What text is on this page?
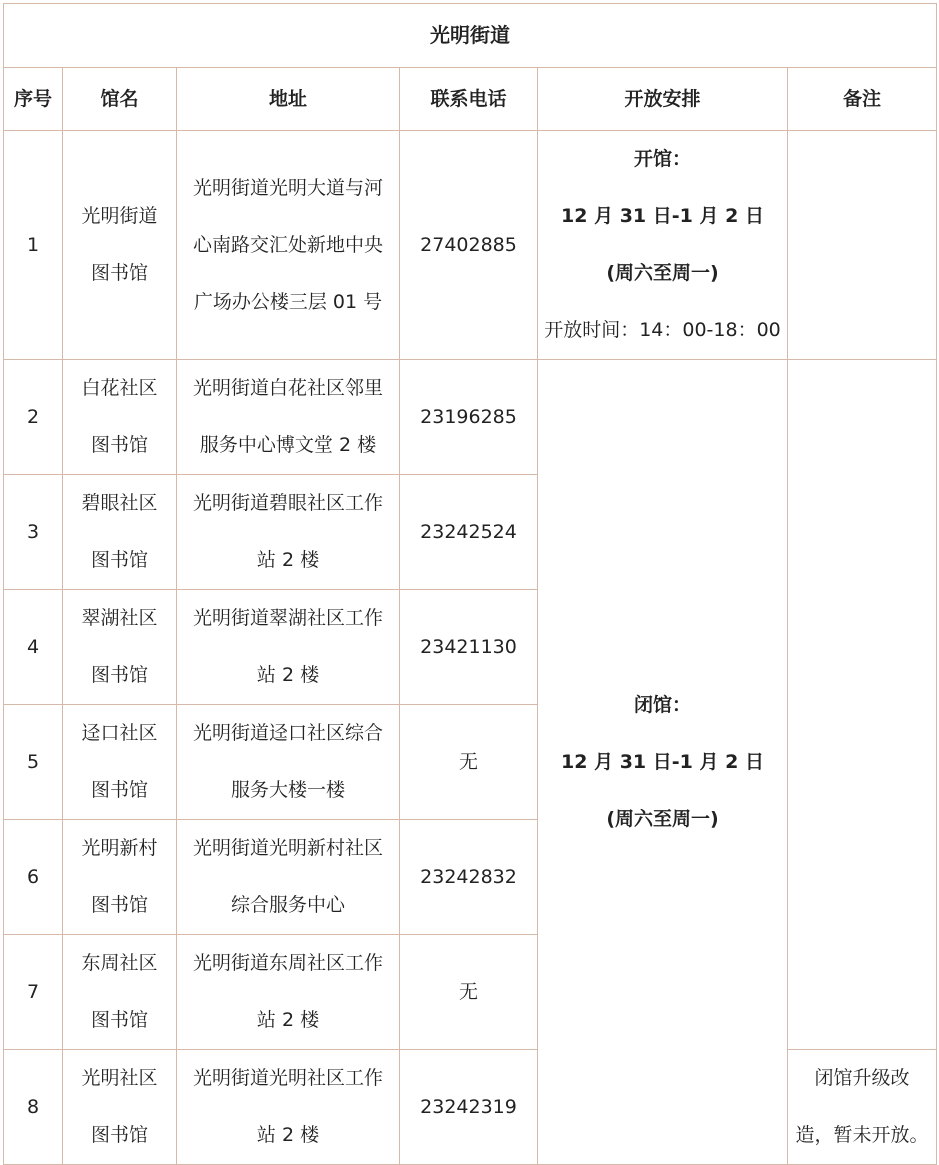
光明街道					
序号	馆名	地址	联系电话	开放安排	备注
1	光明街道
图书馆	光明街道光明大道与河
心南路交汇处新地中央
广场办公楼三层 01 号	27402885	开馆：
12 月 31 日-1 月 2 日
(周六至周一)
开放时间：14：00-18：00	

2	白花社区
图书馆	光明街道白花社区邻里
服务中心博文堂 2 楼	23196285	闭馆：
12 月 31 日-1 月 2 日
(周六至周一)	

3	碧眼社区
图书馆	光明街道碧眼社区工作
站 2 楼	23242524		
4	翠湖社区
图书馆	光明街道翠湖社区工作
站 2 楼	23421130		
5	迳口社区
图书馆	光明街道迳口社区综合
服务大楼一楼	无		
6	光明新村
图书馆	光明街道光明新村社区
综合服务中心	23242832		
7	东周社区
图书馆	光明街道东周社区工作
站 2 楼	无		
8	光明社区
图书馆	光明街道光明社区工作
站 2 楼	23242319		闭馆升级改
造，暂未开放。
